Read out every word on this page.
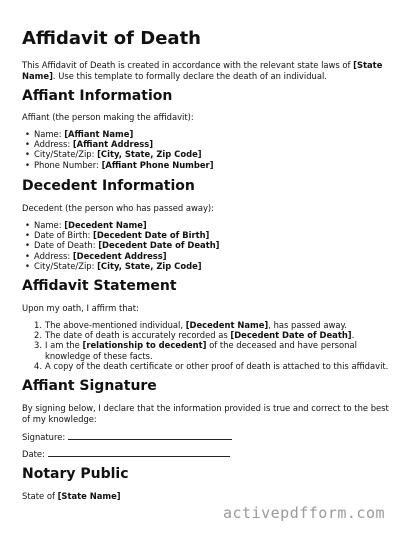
Affidavit of Death
This Affidavit of Death is created in accordance with the relevant state laws of [State
Name]. Use this template to formally declare the death of an individual.
Affiant Information
Affiant (the person making the affidavit):
• Name: [Affiant Name]
• Address: [Affiant Address]
• City/State/Zip: [City, State, Zip Code]
• Phone Number: [Affiant Phone Number]
Decedent Information
Decedent (the person who has passed away):
• Name: [Decedent Name]
• Date of Birth: [Decedent Date of Birth]
• Date of Death: [Decedent Date of Death]
• Address: [Decedent Address]
• City/State/Zip: [City, State, Zip Code]
Affidavit Statement
Upon my oath, I affirm that:
1. The above-mentioned individual, [Decedent Name], has passed away.
2. The date of death is accurately recorded as [Decedent Date of Death].
3. I am the [relationship to decedent] of the deceased and have personal knowledge of these facts.
4. A copy of the death certificate or other proof of death is attached to this affidavit.
Affiant Signature
By signing below, I declare that the information provided is true and correct to the best of my knowledge:
Signature:
Date:
Notary Public
State of [State Name]
activepdfform.com
